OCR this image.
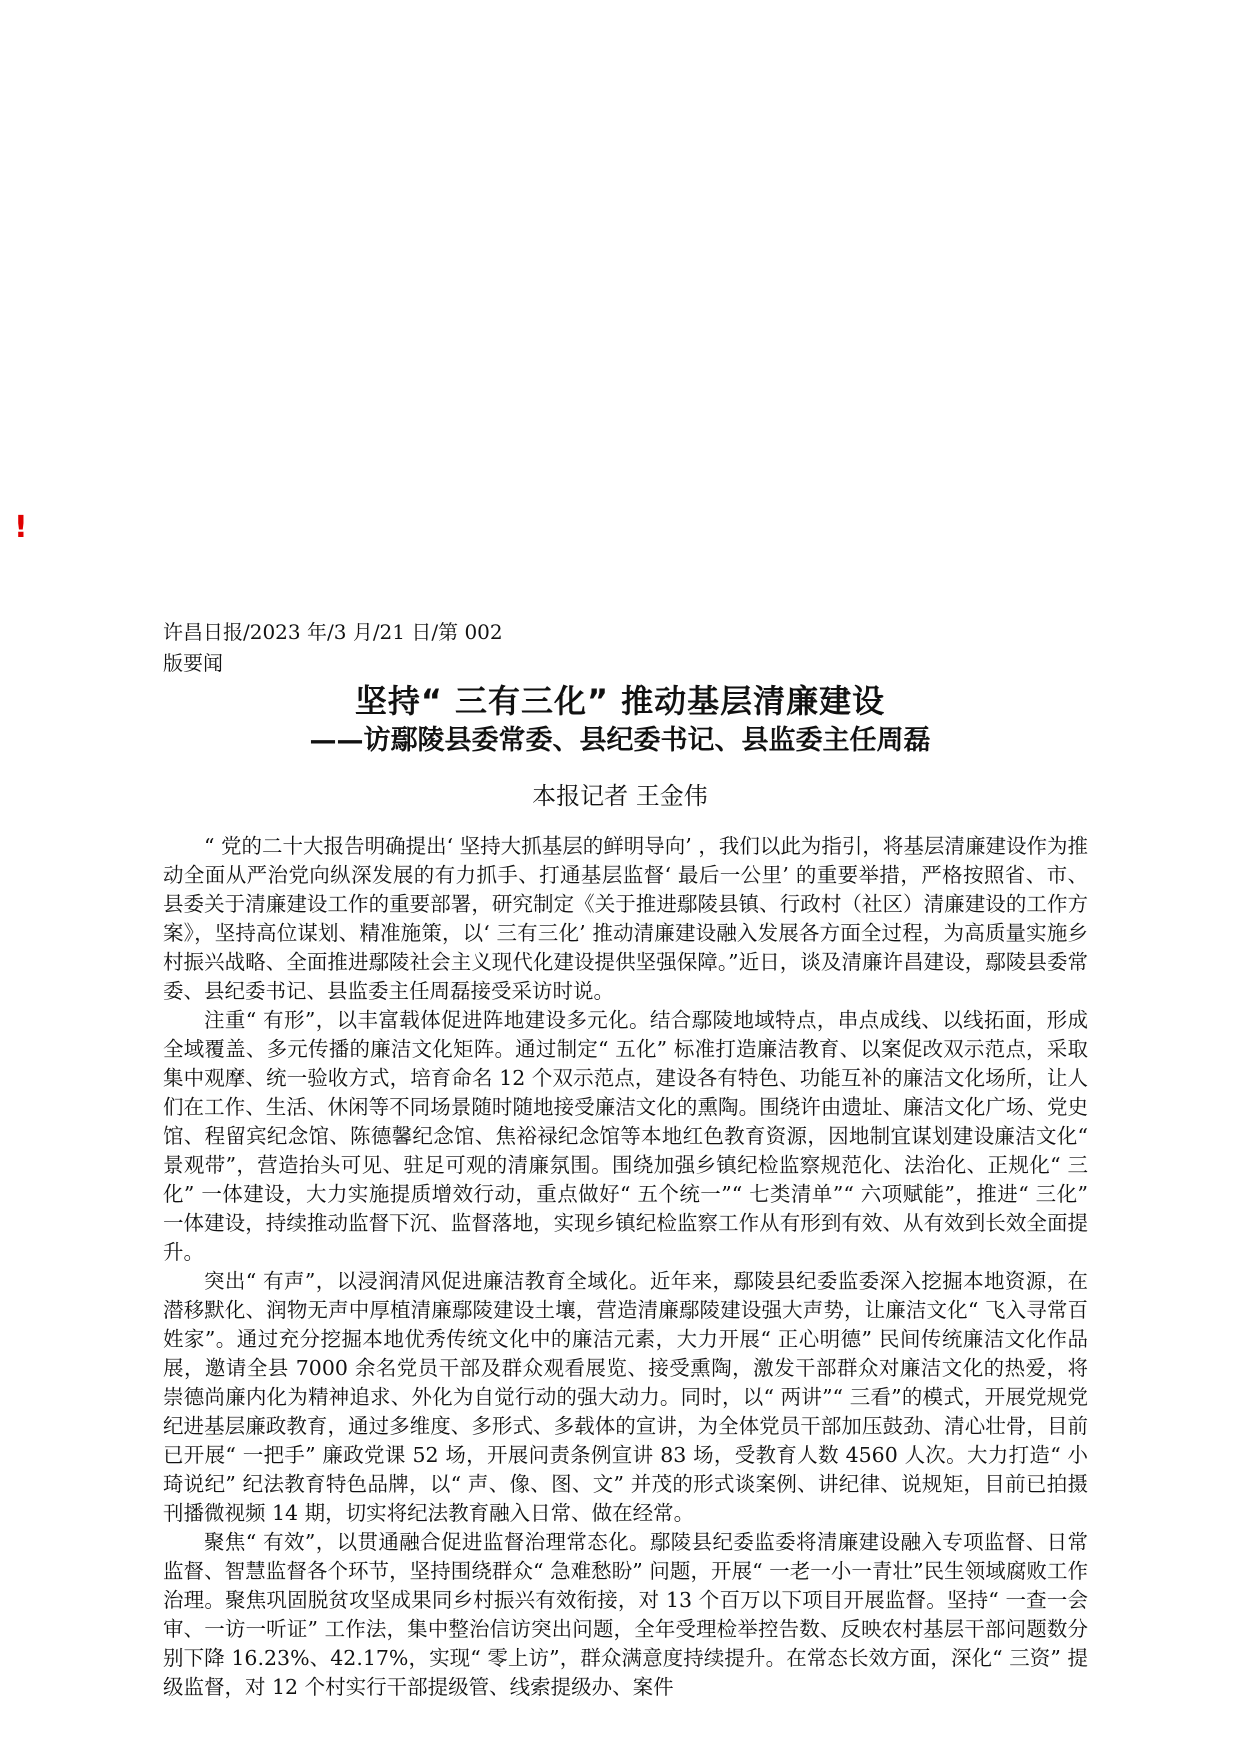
!
许昌日报/2023 年/3 月/21 日/第 002
版要闻
坚持“ 三有三化” 推动基层清廉建设
——访鄢陵县委常委、县纪委书记、县监委主任周磊
本报记者 王金伟

“ 党的二十大报告明确提出‘ 坚持大抓基层的鲜明导向’ ，我们以此为指引，将基层清廉建设作为推动全面从严治党向纵深发展的有力抓手、打通基层监督‘ 最后一公里’ 的重要举措，严格按照省、市、县委关于清廉建设工作的重要部署，研究制定《关于推进鄢陵县镇、行政村（社区）清廉建设的工作方案》，坚持高位谋划、精准施策，以‘ 三有三化’ 推动清廉建设融入发展各方面全过程，为高质量实施乡村振兴战略、全面推进鄢陵社会主义现代化建设提供坚强保障。”近日，谈及清廉许昌建设，鄢陵县委常委、县纪委书记、县监委主任周磊接受采访时说。

注重“ 有形”，以丰富载体促进阵地建设多元化。结合鄢陵地域特点，串点成线、以线拓面，形成全域覆盖、多元传播的廉洁文化矩阵。通过制定“ 五化” 标准打造廉洁教育、以案促改双示范点，采取集中观摩、统一验收方式，培育命名 12 个双示范点，建设各有特色、功能互补的廉洁文化场所，让人们在工作、生活、休闲等不同场景随时随地接受廉洁文化的熏陶。围绕许由遗址、廉洁文化广场、党史馆、程留宾纪念馆、陈德馨纪念馆、焦裕禄纪念馆等本地红色教育资源，因地制宜谋划建设廉洁文化“ 景观带”，营造抬头可见、驻足可观的清廉氛围。围绕加强乡镇纪检监察规范化、法治化、正规化“ 三化” 一体建设，大力实施提质增效行动，重点做好“ 五个统一”“ 七类清单”“ 六项赋能”，推进“ 三化” 一体建设，持续推动监督下沉、监督落地，实现乡镇纪检监察工作从有形到有效、从有效到长效全面提升。

突出“ 有声”，以浸润清风促进廉洁教育全域化。近年来，鄢陵县纪委监委深入挖掘本地资源，在潜移默化、润物无声中厚植清廉鄢陵建设土壤，营造清廉鄢陵建设强大声势，让廉洁文化“ 飞入寻常百姓家”。通过充分挖掘本地优秀传统文化中的廉洁元素，大力开展“ 正心明德” 民间传统廉洁文化作品展，邀请全县 7000 余名党员干部及群众观看展览、接受熏陶，激发干部群众对廉洁文化的热爱，将崇德尚廉内化为精神追求、外化为自觉行动的强大动力。同时，以“ 两讲”“ 三看”的模式，开展党规党纪进基层廉政教育，通过多维度、多形式、多载体的宣讲，为全体党员干部加压鼓劲、清心壮骨，目前已开展“ 一把手” 廉政党课 52 场，开展问责条例宣讲 83 场，受教育人数 4560 人次。大力打造“ 小琦说纪” 纪法教育特色品牌，以“ 声、像、图、文” 并茂的形式谈案例、讲纪律、说规矩，目前已拍摄刊播微视频 14 期，切实将纪法教育融入日常、做在经常。

聚焦“ 有效”，以贯通融合促进监督治理常态化。鄢陵县纪委监委将清廉建设融入专项监督、日常监督、智慧监督各个环节，坚持围绕群众“ 急难愁盼” 问题，开展“ 一老一小一青壮”民生领域腐败工作治理。聚焦巩固脱贫攻坚成果同乡村振兴有效衔接，对 13 个百万以下项目开展监督。坚持“ 一查一会审、一访一听证” 工作法，集中整治信访突出问题，全年受理检举控告数、反映农村基层干部问题数分别下降 16.23%、42.17%，实现“ 零上访”，群众满意度持续提升。在常态长效方面，深化“ 三资” 提级监督，对 12 个村实行干部提级管、线索提级办、案件
